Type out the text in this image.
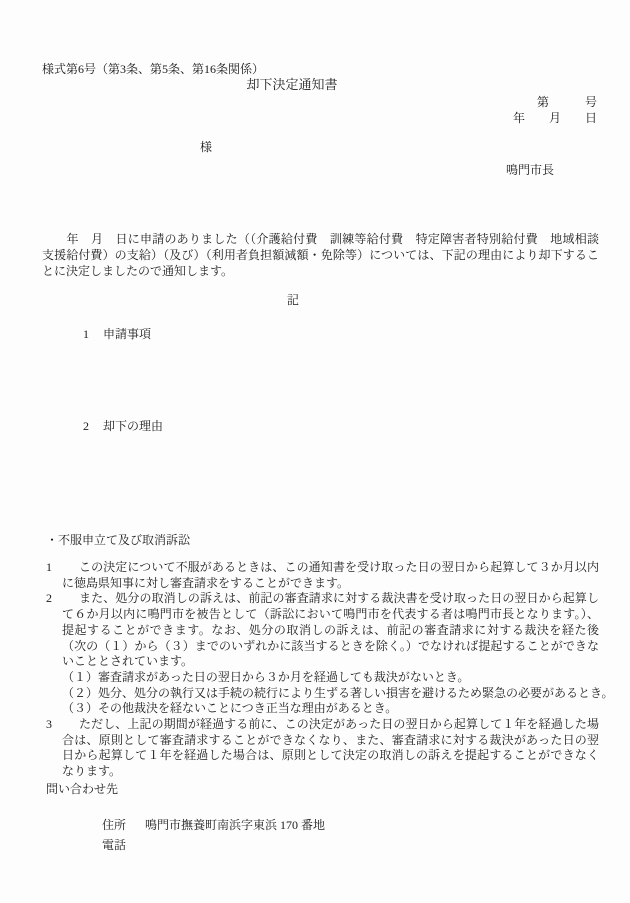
様式第6号（第3条、第5条、第16条関係）
却下決定通知書
第　　　号
年　　月　　日
様
鳴門市長
　　年　月　日に申請のありました（（介護給付費　訓練等給付費　特定障害者特別給付費　地域相談支援給付費）の支給）（及び）（利用者負担額減額・免除等）については、下記の理由により却下することに決定しましたので通知します。
記
1 申請事項
2 却下の理由
・不服申立て及び取消訴訟
1 この決定について不服があるときは、この通知書を受け取った日の翌日から起算して３か月以内に徳島県知事に対し審査請求をすることができます。
2 また、処分の取消しの訴えは、前記の審査請求に対する裁決書を受け取った日の翌日から起算して６か月以内に鳴門市を被告として（訴訟において鳴門市を代表する者は鳴門市長となります。）、提起することができます。なお、処分の取消しの訴えは、前記の審査請求に対する裁決を経た後（次の（１）から（３）までのいずれかに該当するときを除く。）でなければ提起することができないこととされています。
（１）審査請求があった日の翌日から３か月を経過しても裁決がないとき。
（２）処分、処分の執行又は手続の続行により生ずる著しい損害を避けるため緊急の必要があるとき。
（３）その他裁決を経ないことにつき正当な理由があるとき。
3 ただし、上記の期間が経過する前に、この決定があった日の翌日から起算して１年を経過した場合は、原則として審査請求することができなくなり、また、審査請求に対する裁決があった日の翌日から起算して１年を経過した場合は、原則として決定の取消しの訴えを提起することができなくなります。
問い合わせ先
住所	鳴門市撫養町南浜字東浜 170 番地
電話
